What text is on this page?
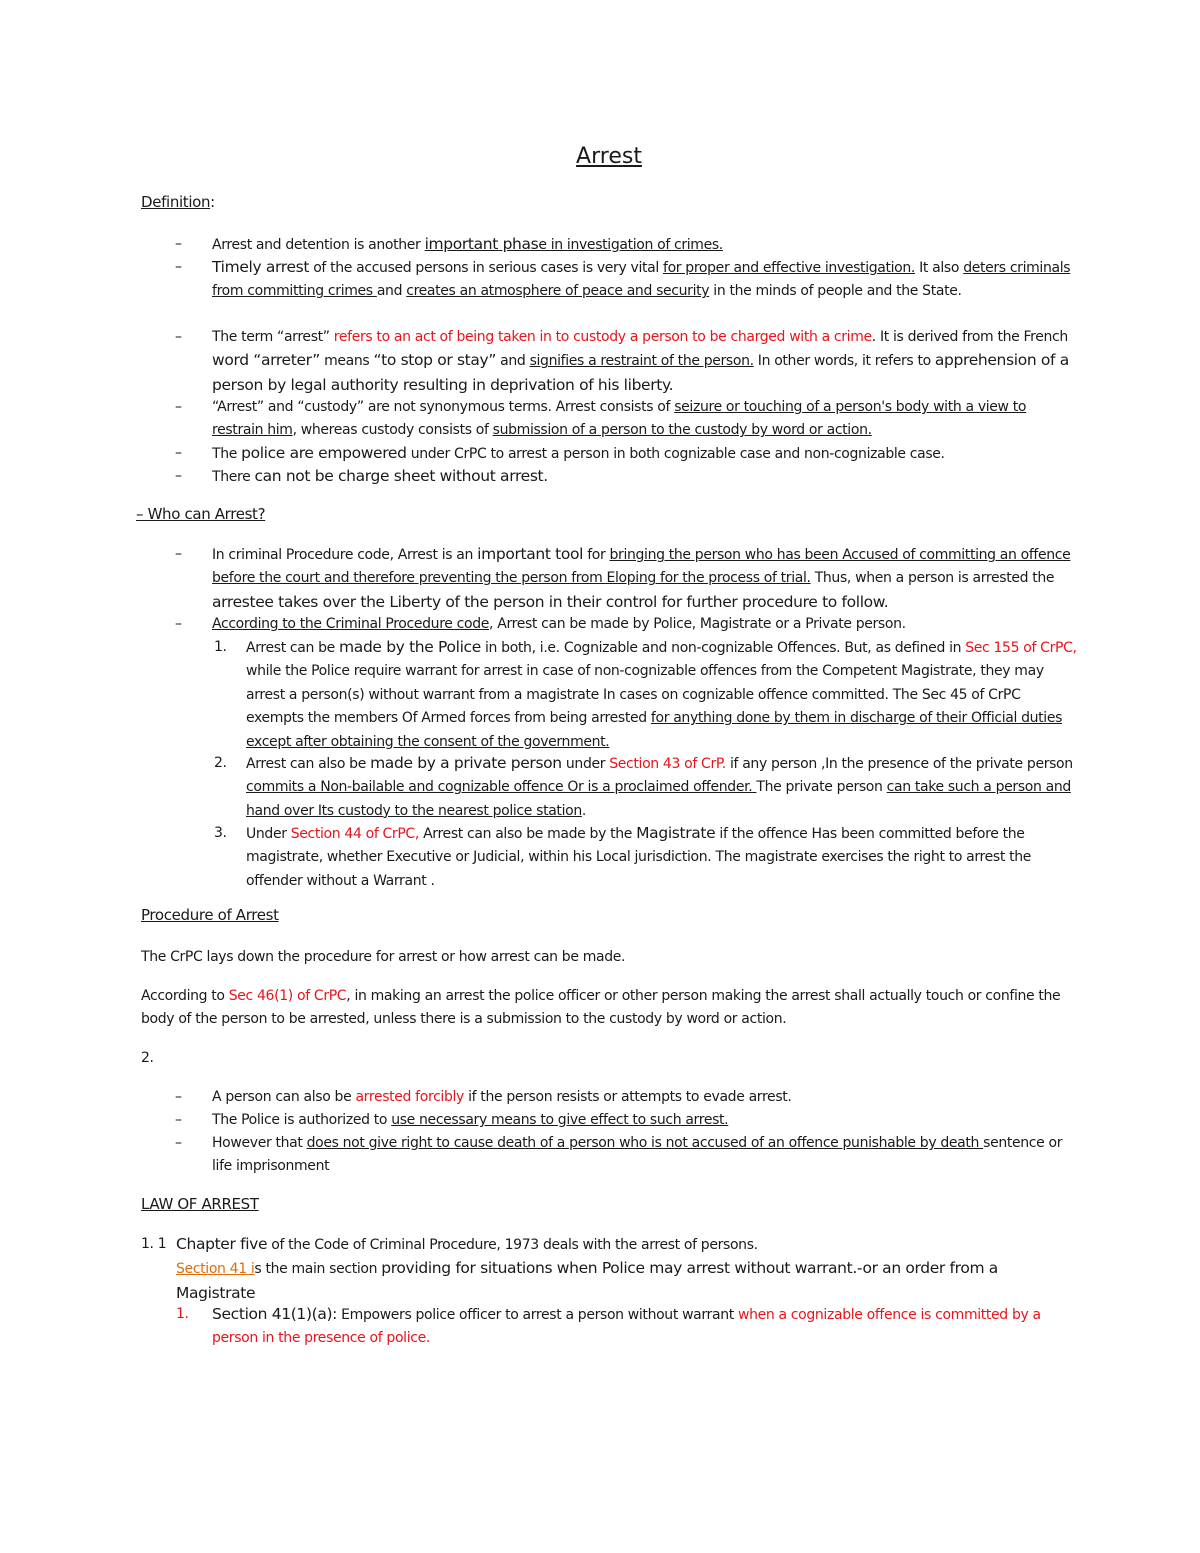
Arrest
Definition:
– Arrest and detention is another important phase in investigation of crimes.
– Timely arrest of the accused persons in serious cases is very vital for proper and effective investigation. It also deters criminals from committing crimes and creates an atmosphere of peace and security in the minds of people and the State.
– The term “arrest” refers to an act of being taken in to custody a person to be charged with a crime. It is derived from the French word “arreter” means “to stop or stay” and signifies a restraint of the person. In other words, it refers to apprehension of a person by legal authority resulting in deprivation of his liberty.
– “Arrest” and “custody” are not synonymous terms. Arrest consists of seizure or touching of a person's body with a view to restrain him, whereas custody consists of submission of a person to the custody by word or action.
– The police are empowered under CrPC to arrest a person in both cognizable case and non-cognizable case.
– There can not be charge sheet without arrest.
– Who can Arrest?
– In criminal Procedure code, Arrest is an important tool for bringing the person who has been Accused of committing an offence before the court and therefore preventing the person from Eloping for the process of trial. Thus, when a person is arrested the arrestee takes over the Liberty of the person in their control for further procedure to follow.
– According to the Criminal Procedure code, Arrest can be made by Police, Magistrate or a Private person.
1. Arrest can be made by the Police in both, i.e. Cognizable and non-cognizable Offences. But, as defined in Sec 155 of CrPC, while the Police require warrant for arrest in case of non-cognizable offences from the Competent Magistrate, they may arrest a person(s) without warrant from a magistrate In cases on cognizable offence committed. The Sec 45 of CrPC exempts the members Of Armed forces from being arrested for anything done by them in discharge of their Official duties except after obtaining the consent of the government.
2. Arrest can also be made by a private person under Section 43 of CrP. if any person ,In the presence of the private person commits a Non-bailable and cognizable offence Or is a proclaimed offender. The private person can take such a person and hand over Its custody to the nearest police station.
3. Under Section 44 of CrPC, Arrest can also be made by the Magistrate if the offence Has been committed before the magistrate, whether Executive or Judicial, within his Local jurisdiction. The magistrate exercises the right to arrest the offender without a Warrant .
Procedure of Arrest
The CrPC lays down the procedure for arrest or how arrest can be made.
According to Sec 46(1) of CrPC, in making an arrest the police officer or other person making the arrest shall actually touch or confine the body of the person to be arrested, unless there is a submission to the custody by word or action.
2.
– A person can also be arrested forcibly if the person resists or attempts to evade arrest.
– The Police is authorized to use necessary means to give effect to such arrest.
– However that does not give right to cause death of a person who is not accused of an offence punishable by death sentence or life imprisonment
LAW OF ARREST
1. 1 Chapter five of the Code of Criminal Procedure, 1973 deals with the arrest of persons.
Section 41 is the main section providing for situations when Police may arrest without warrant.-or an order from a Magistrate
1. Section 41(1)(a): Empowers police officer to arrest a person without warrant when a cognizable offence is committed by a person in the presence of police.
